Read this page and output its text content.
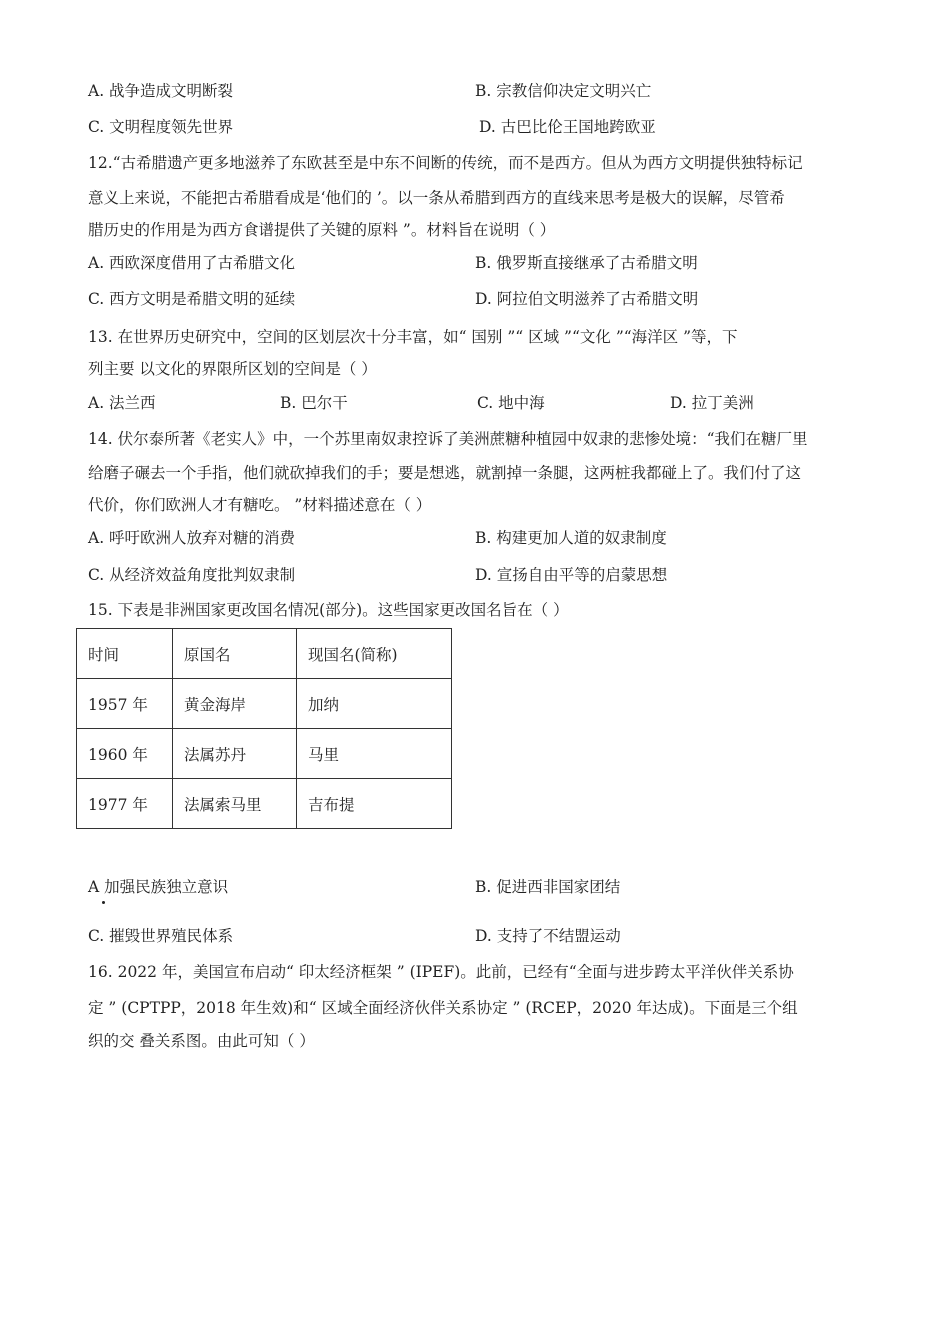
A. 战争造成文明断裂	B. 宗教信仰决定文明兴亡
C. 文明程度领先世界	D. 古巴比伦王国地跨欧亚
12.“古希腊遗产更多地滋养了东欧甚至是中东不间断的传统，而不是西方。但从为西方文明提供独特标记
意义上来说，不能把古希腊看成是‘他们的 ’。以一条从希腊到西方的直线来思考是极大的误解，尽管希
腊历史的作用是为西方食谱提供了关键的原料 ”。材料旨在说明（ ）
A. 西欧深度借用了古希腊文化	B. 俄罗斯直接继承了古希腊文明
C. 西方文明是希腊文明的延续	D. 阿拉伯文明滋养了古希腊文明
13. 在世界历史研究中，空间的区划层次十分丰富，如“ 国别 ”“ 区域 ”“文化 ”“海洋区 ”等，下
列主要 以文化的界限所区划的空间是（ ）
A. 法兰西	B. 巴尔干	C. 地中海	D. 拉丁美洲
14. 伏尔泰所著《老实人》中，一个苏里南奴隶控诉了美洲蔗糖种植园中奴隶的悲惨处境：“我们在糖厂里
给磨子碾去一个手指，他们就砍掉我们的手；要是想逃，就割掉一条腿，这两桩我都碰上了。我们付了这
代价，你们欧洲人才有糖吃。 ”材料描述意在（ ）
A. 呼吁欧洲人放弃对糖的消费	B. 构建更加人道的奴隶制度
C. 从经济效益角度批判奴隶制	D. 宣扬自由平等的启蒙思想
15. 下表是非洲国家更改国名情况(部分)。这些国家更改国名旨在（ ）
时间	原国名	现国名(简称)
1957 年	黄金海岸	加纳
1960 年	法属苏丹	马里
1977 年	法属索马里	吉布提
A 加强民族独立意识	B. 促进西非国家团结
C. 摧毁世界殖民体系	D. 支持了不结盟运动
16. 2022 年，美国宣布启动“ 印太经济框架 ” (IPEF)。此前，已经有“全面与进步跨太平洋伙伴关系协
定 ” (CPTPP，2018 年生效)和“ 区域全面经济伙伴关系协定 ” (RCEP，2020 年达成)。下面是三个组
织的交 叠关系图。由此可知（ ）
